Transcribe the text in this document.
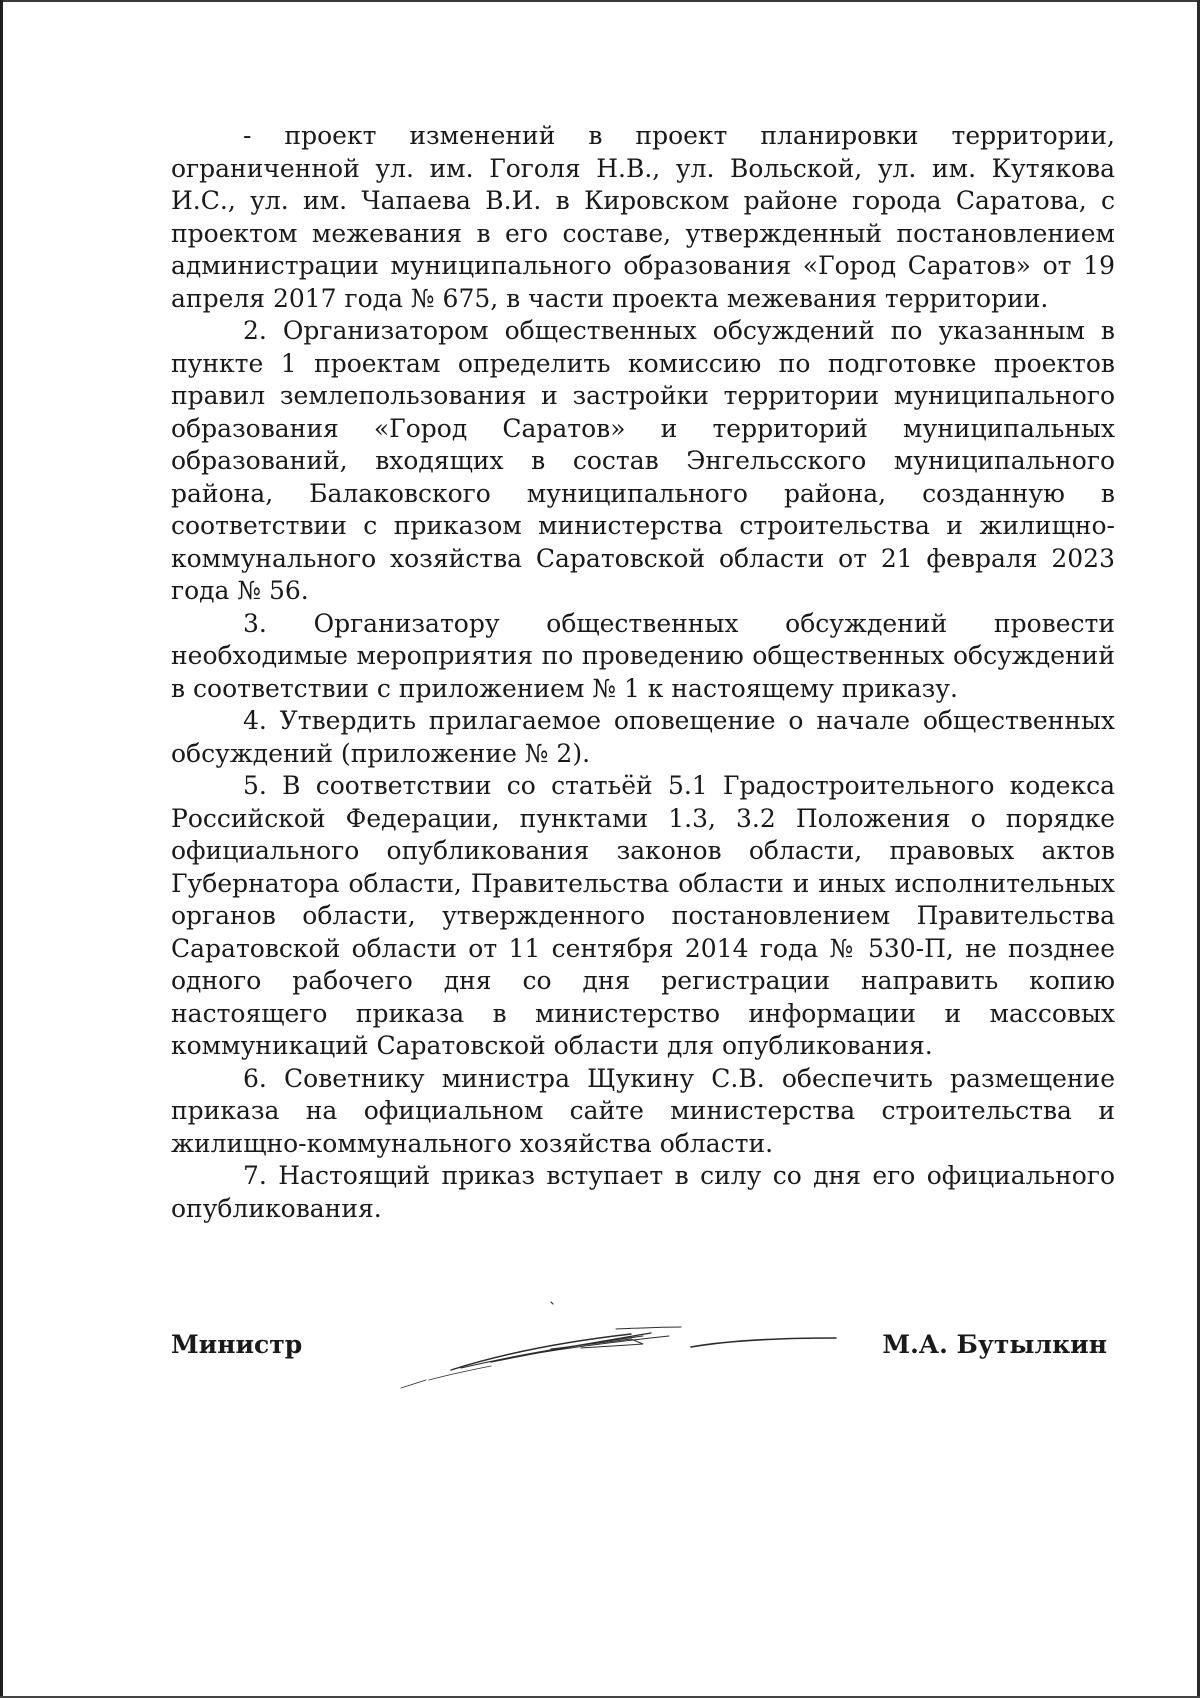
- проект изменений в проект планировки территории, ограниченной ул. им. Гоголя Н.В., ул. Вольской, ул. им. Кутякова И.С., ул. им. Чапаева В.И. в Кировском районе города Саратова, с проектом межевания в его составе, утвержденный постановлением администрации муниципального образования «Город Саратов» от 19 апреля 2017 года № 675, в части проекта межевания территории.

2. Организатором общественных обсуждений по указанным в пункте 1 проектам определить комиссию по подготовке проектов правил землепользования и застройки территории муниципального образования «Город Саратов» и территорий муниципальных образований, входящих в состав Энгельсского муниципального района, Балаковского муниципального района, созданную в соответствии с приказом министерства строительства и жилищно-коммунального хозяйства Саратовской области от 21 февраля 2023 года № 56.

3. Организатору общественных обсуждений провести необходимые мероприятия по проведению общественных обсуждений в соответствии с приложением № 1 к настоящему приказу.

4. Утвердить прилагаемое оповещение о начале общественных обсуждений (приложение № 2).

5. В соответствии со статьёй 5.1 Градостроительного кодекса Российской Федерации, пунктами 1.3, 3.2 Положения о порядке официального опубликования законов области, правовых актов Губернатора области, Правительства области и иных исполнительных органов области, утвержденного постановлением Правительства Саратовской области от 11 сентября 2014 года № 530-П, не позднее одного рабочего дня со дня регистрации направить копию настоящего приказа в министерство информации и массовых коммуникаций Саратовской области для опубликования.

6. Советнику министра Щукину С.В. обеспечить размещение приказа на официальном сайте министерства строительства и жилищно-коммунального хозяйства области.

7. Настоящий приказ вступает в силу со дня его официального опубликования.

Министр	М.А. Бутылкин
